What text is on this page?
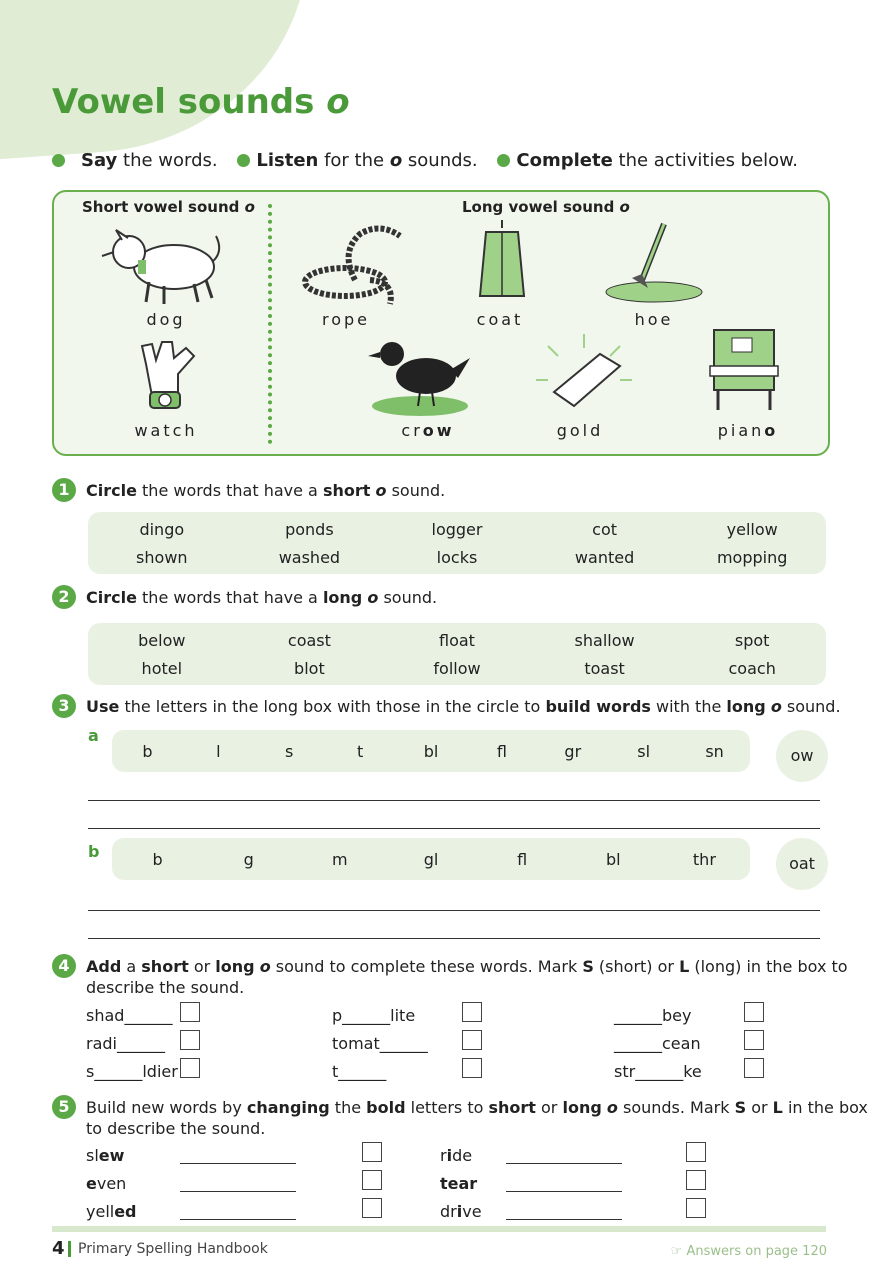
Vowel sounds o
Say the words. Listen for the o sounds. Complete the activities below.
Short vowel sound o	Long vowel sound o
dog
watch
rope	coat	hoe
crow	gold	piano
1	Circle the words that have a short o sound.
dingo	ponds	logger	cot	yellow
shown	washed	locks	wanted	mopping
2	Circle the words that have a long o sound.
below	coast	float	shallow	spot
hotel	blot	follow	toast	coach
3	Use the letters in the long box with those in the circle to build words with the long o sound.
a
b	l	s	t	bl	fl	gr	sl	sn	ow
b	b	g	m	gl	fl	bl	thr	oat
4	Add a short or long o sound to complete these words. Mark S (short) or L (long) in the box to
describe the sound.
shad______	p______lite	______bey
radi______	tomat______	______cean
s______ldier	t______	str______ke
5	Build new words by changing the bold letters to short or long o sounds. Mark S or L in the box
to describe the sound.
slew	ride
even	tear
yelled	drive
4 Primary Spelling Handbook	☞ Answers on page 120
